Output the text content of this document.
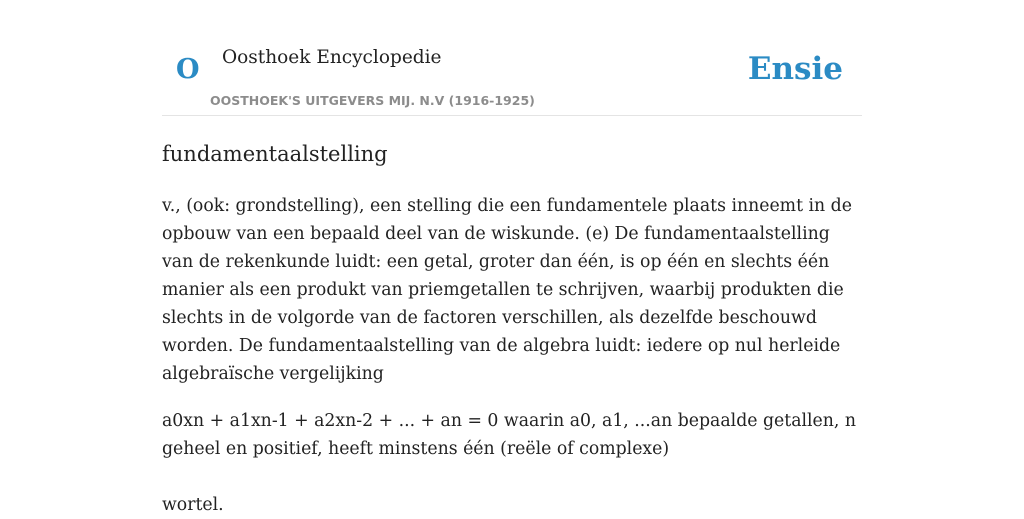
O Oosthoek Encyclopedie
OOSTHOEK'S UITGEVERS MIJ. N.V (1916-1925)
Ensie
fundamentaalstelling

v., (ook: grondstelling), een stelling die een fundamentele plaats inneemt in de opbouw van een bepaald deel van de wiskunde. (e) De fundamentaalstelling van de rekenkunde luidt: een getal, groter dan één, is op één en slechts één manier als een produkt van priemgetallen te schrijven, waarbij produkten die slechts in de volgorde van de factoren verschillen, als dezelfde beschouwd worden. De fundamentaalstelling van de algebra luidt: iedere op nul herleide algebraïsche vergelijking

a0xn + a1xn-1 + a2xn-2 + ... + an = 0 waarin a0, a1, ...an bepaalde getallen, n geheel en positief, heeft minstens één (reële of complexe)

wortel.
